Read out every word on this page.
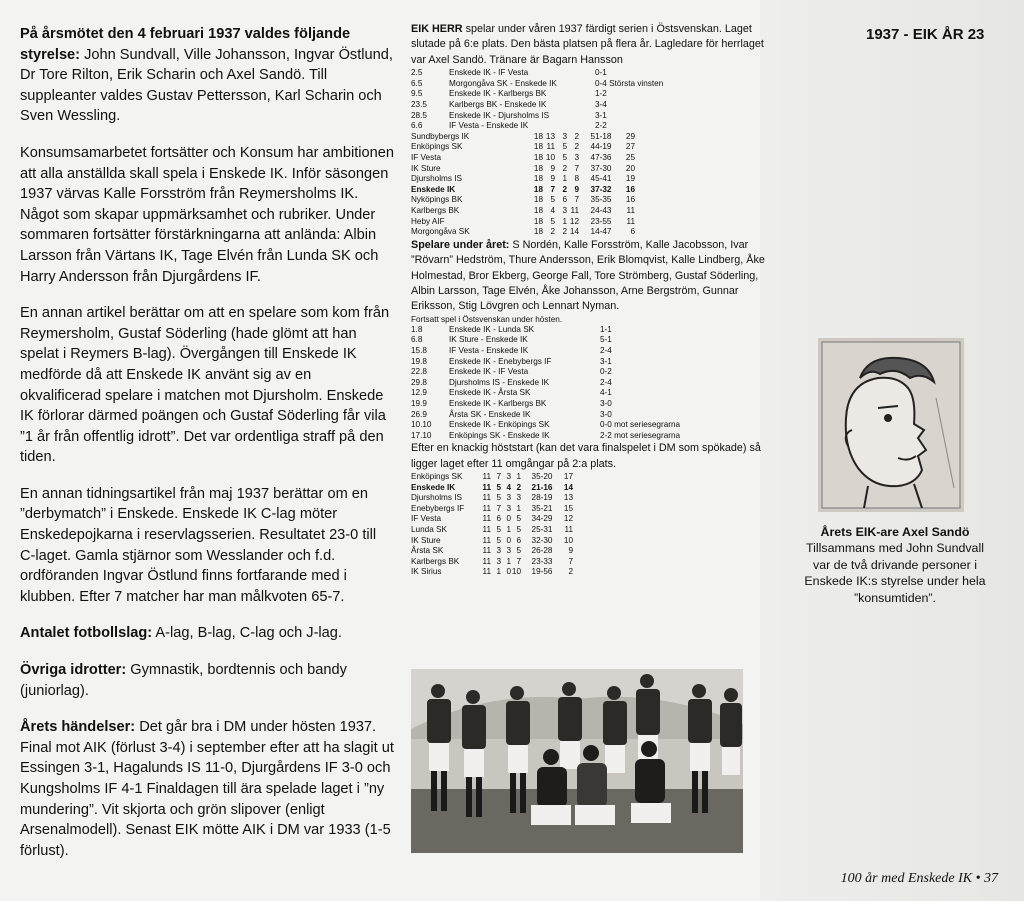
På årsmötet den 4 februari 1937 valdes följande styrelse: John Sundvall, Ville Johansson, Ingvar Östlund, Dr Tore Rilton, Erik Scharin och Axel Sandö. Till suppleanter valdes Gustav Pettersson, Karl Scharin och Sven Wessling.

Konsumsamarbetet fortsätter och Konsum har ambitionen att alla anställda skall spela i Enskede IK. Inför säsongen 1937 värvas Kalle Forsström från Reymersholms IK. Något som skapar uppmärksamhet och rubriker. Under sommaren fortsätter förstärkningarna att anlända: Albin Larsson från Värtans IK, Tage Elvén från Lunda SK och Harry Andersson från Djurgårdens IF.

En annan artikel berättar om att en spelare som kom från Reymersholm, Gustaf Söderling (hade glömt att han spelat i Reymers B-lag). Övergången till Enskede IK medförde då att Enskede IK använt sig av en okvalificerad spelare i matchen mot Djursholm. Enskede IK förlorar därmed poängen och Gustaf Söderling får vila ”1 år från offentlig idrott”. Det var ordentliga straff på den tiden.

En annan tidningsartikel från maj 1937 berättar om en ”derbymatch” i Enskede. Enskede IK C-lag möter Enskedepojkarna i reservlagsserien. Resultatet 23-0 till C-laget. Gamla stjärnor som Wesslander och f.d. ordföranden Ingvar Östlund finns fortfarande med i klubben. Efter 7 matcher har man målkvoten 65-7.

Antalet fotbollslag: A-lag, B-lag, C-lag och J-lag.

Övriga idrotter: Gymnastik, bordtennis och bandy (juniorlag).

Årets händelser: Det går bra i DM under hösten 1937. Final mot AIK (förlust 3-4) i september efter att ha slagit ut Essingen 3-1, Hagalunds IS 11-0, Djurgårdens IF 3-0 och Kungsholms IF 4-1 Finaldagen till ära spelade laget i ”ny mundering”. Vit skjorta och grön slipover (enligt Arsenalmodell). Senast EIK mötte AIK i DM var 1933 (1-5 förlust).

EIK HERR spelar under våren 1937 färdigt serien i Östsvenskan. Laget slutade på 6:e plats. Den bästa platsen på flera år. Lagledare för herrlaget var Axel Sandö. Tränare är Bagarn Hansson

2.5	Enskede IK - IF Vesta	0-1
6.5	Morgongåva SK - Enskede IK	0-4 Största vinsten
9.5	Enskede IK - Karlbergs BK	1-2
23.5	Karlbergs BK - Enskede IK	3-4
28.5	Enskede IK - Djursholms IS	3-1
6.6	IF Vesta - Enskede IK	2-2
Sundbybergs IK	18	13	3	2	51-18	29
Enköpings SK	18	11	5	2	44-19	27
IF Vesta	18	10	5	3	47-36	25
IK Sture	18	9	2	7	37-30	20
Djursholms IS	18	9	1	8	45-41	19
Enskede IK	18	7	2	9	37-32	16
Nyköpings BK	18	5	6	7	35-35	16
Karlbergs BK	18	4	3	11	24-43	11
Heby AIF	18	5	1	12	23-55	11
Morgongåva SK	18	2	2	14	14-47	6

Spelare under året: S Nordén, Kalle Forsström, Kalle Jacobsson, Ivar ”Rövarn” Hedström, Thure Andersson, Erik Blomqvist, Kalle Lindberg, Åke Holmestad, Bror Ekberg, George Fall, Tore Strömberg, Gustaf Söderling, Albin Larsson, Tage Elvén, Åke Johansson, Arne Bergström, Gunnar Eriksson, Stig Lövgren och Lennart Nyman.

Fortsatt spel i Östsvenskan under hösten.
1.8	Enskede IK - Lunda SK	1-1
6.8	IK Sture - Enskede IK	5-1
15.8	IF Vesta - Enskede IK	2-4
19.8	Enskede IK - Enebybergs IF	3-1
22.8	Enskede IK - IF Vesta	0-2
29.8	Djursholms IS - Enskede IK	2-4
12.9	Enskede IK - Årsta SK	4-1
19.9	Enskede IK - Karlbergs BK	3-0
26.9	Årsta SK - Enskede IK	3-0
10.10	Enskede IK - Enköpings SK	0-0 mot seriesegrarna
17.10	Enköpings SK - Enskede IK	2-2 mot seriesegrarna

Efter en knackig höststart (kan det vara finalspelet i DM som spökade) så ligger laget efter 11 omgångar på 2:a plats.

Enköpings SK	11	7	3	1	35-20	17
Enskede IK	11	5	4	2	21-16	14
Djursholms IS	11	5	3	3	28-19	13
Enebybergs IF	11	7	3	1	35-21	15
IF Vesta	11	6	0	5	34-29	12
Lunda SK	11	5	1	5	25-31	11
IK Sture	11	5	0	6	32-30	10
Årsta SK	11	3	3	5	26-28	9
Karlbergs BK	11	3	1	7	23-33	7
IK Sirius	11	1	0	10	19-56	2
1937 - EIK ÅR 23
Årets EIK-are Axel Sandö
Tillsammans med John Sundvall var de två drivande personer i Enskede IK:s styrelse under hela ”konsumtiden”.
100 år med Enskede IK • 37
